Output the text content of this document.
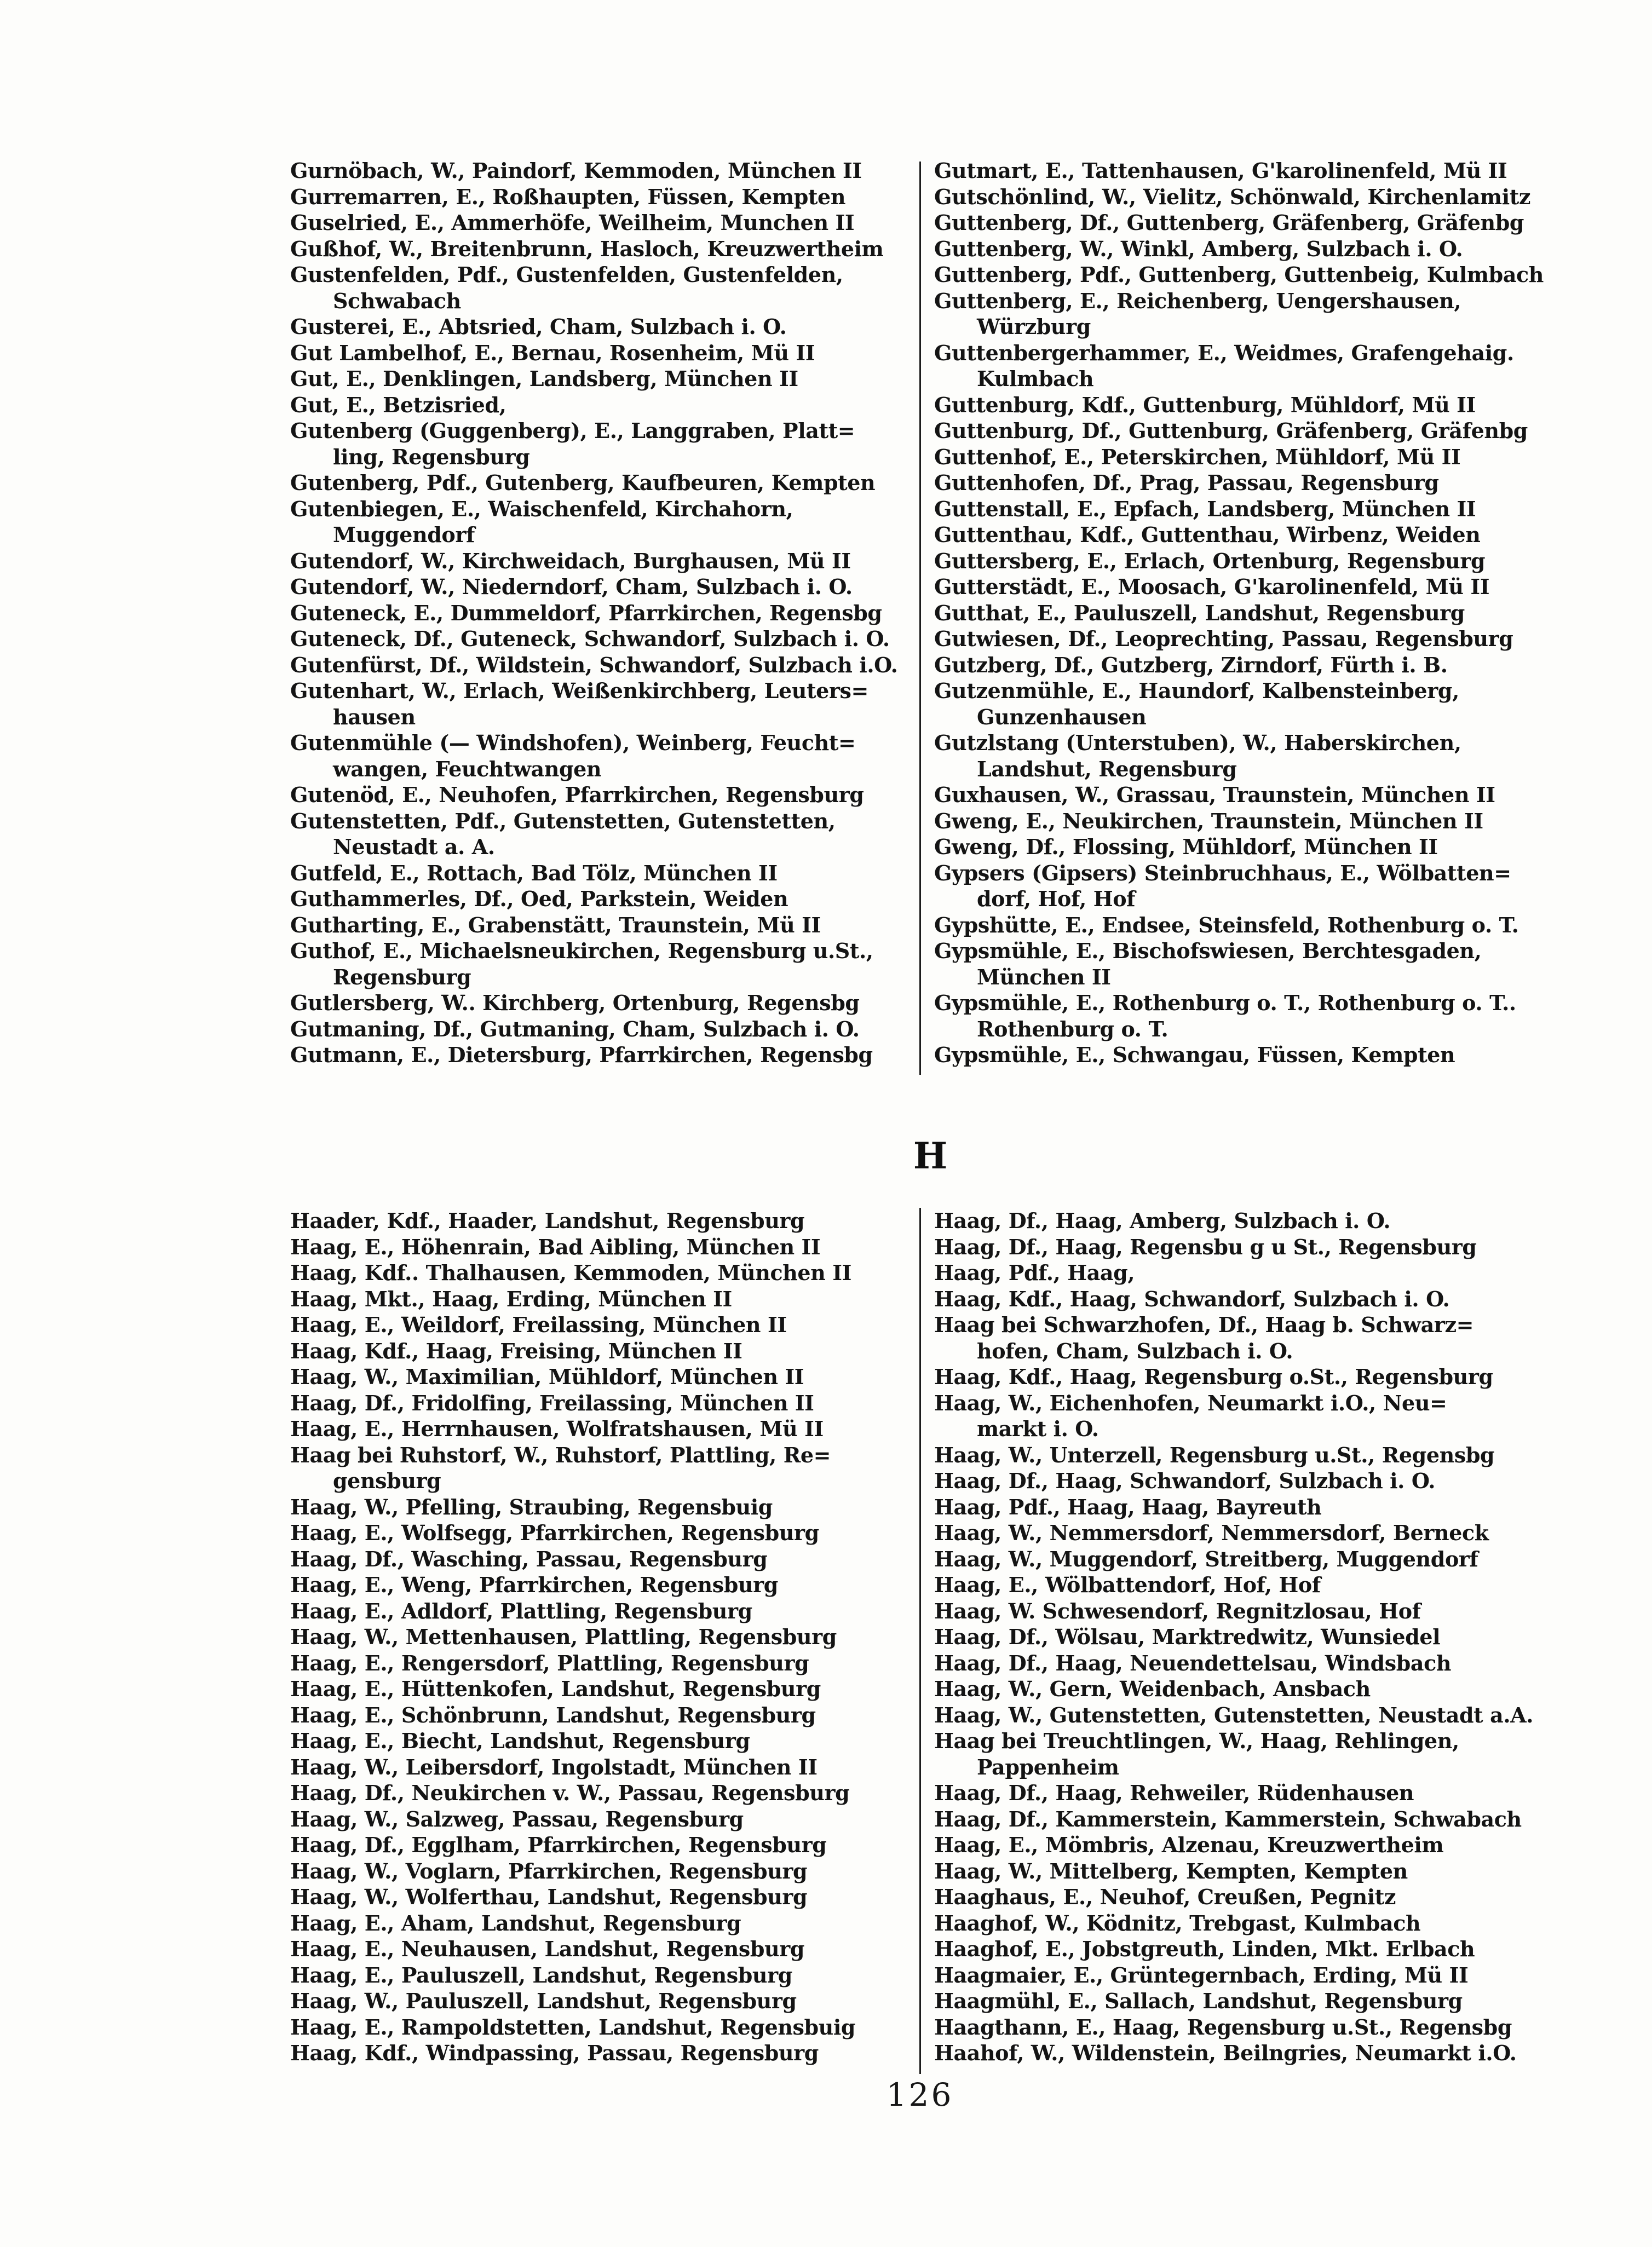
Gurnöbach, W., Paindorf, Kemmoden, München II
Gurremarren, E., Roßhaupten, Füssen, Kempten
Guselried, E., Ammerhöfe, Weilheim, Munchen II
Gußhof, W., Breitenbrunn, Hasloch, Kreuzwertheim
Gustenfelden, Pdf., Gustenfelden, Gustenfelden,
Schwabach
Gusterei, E., Abtsried, Cham, Sulzbach i. O.
Gut Lambelhof, E., Bernau, Rosenheim, Mü II
Gut, E., Denklingen, Landsberg, München II
Gut, E., Betzisried,
Gutenberg (Guggenberg), E., Langgraben, Platt=
ling, Regensburg
Gutenberg, Pdf., Gutenberg, Kaufbeuren, Kempten
Gutenbiegen, E., Waischenfeld, Kirchahorn,
Muggendorf
Gutendorf, W., Kirchweidach, Burghausen, Mü II
Gutendorf, W., Niederndorf, Cham, Sulzbach i. O.
Guteneck, E., Dummeldorf, Pfarrkirchen, Regensbg
Guteneck, Df., Guteneck, Schwandorf, Sulzbach i. O.
Gutenfürst, Df., Wildstein, Schwandorf, Sulzbach i.O.
Gutenhart, W., Erlach, Weißenkirchberg, Leuters=
hausen
Gutenmühle (— Windshofen), Weinberg, Feucht=
wangen, Feuchtwangen
Gutenöd, E., Neuhofen, Pfarrkirchen, Regensburg
Gutenstetten, Pdf., Gutenstetten, Gutenstetten,
Neustadt a. A.
Gutfeld, E., Rottach, Bad Tölz, München II
Guthammerles, Df., Oed, Parkstein, Weiden
Gutharting, E., Grabenstätt, Traunstein, Mü II
Guthof, E., Michaelsneukirchen, Regensburg u.St.,
Regensburg
Gutlersberg, W.. Kirchberg, Ortenburg, Regensbg
Gutmaning, Df., Gutmaning, Cham, Sulzbach i. O.
Gutmann, E., Dietersburg, Pfarrkirchen, Regensbg
Gutmart, E., Tattenhausen, G'karolinenfeld, Mü II
Gutschönlind, W., Vielitz, Schönwald, Kirchenlamitz
Guttenberg, Df., Guttenberg, Gräfenberg, Gräfenbg
Guttenberg, W., Winkl, Amberg, Sulzbach i. O.
Guttenberg, Pdf., Guttenberg, Guttenbeig, Kulmbach
Guttenberg, E., Reichenberg, Uengershausen,
Würzburg
Guttenbergerhammer, E., Weidmes, Grafengehaig.
Kulmbach
Guttenburg, Kdf., Guttenburg, Mühldorf, Mü II
Guttenburg, Df., Guttenburg, Gräfenberg, Gräfenbg
Guttenhof, E., Peterskirchen, Mühldorf, Mü II
Guttenhofen, Df., Prag, Passau, Regensburg
Guttenstall, E., Epfach, Landsberg, München II
Guttenthau, Kdf., Guttenthau, Wirbenz, Weiden
Guttersberg, E., Erlach, Ortenburg, Regensburg
Gutterstädt, E., Moosach, G'karolinenfeld, Mü II
Gutthat, E., Pauluszell, Landshut, Regensburg
Gutwiesen, Df., Leoprechting, Passau, Regensburg
Gutzberg, Df., Gutzberg, Zirndorf, Fürth i. B.
Gutzenmühle, E., Haundorf, Kalbensteinberg,
Gunzenhausen
Gutzlstang (Unterstuben), W., Haberskirchen,
Landshut, Regensburg
Guxhausen, W., Grassau, Traunstein, München II
Gweng, E., Neukirchen, Traunstein, München II
Gweng, Df., Flossing, Mühldorf, München II
Gypsers (Gipsers) Steinbruchhaus, E., Wölbatten=
dorf, Hof, Hof
Gypshütte, E., Endsee, Steinsfeld, Rothenburg o. T.
Gypsmühle, E., Bischofswiesen, Berchtesgaden,
München II
Gypsmühle, E., Rothenburg o. T., Rothenburg o. T..
Rothenburg o. T.
Gypsmühle, E., Schwangau, Füssen, Kempten
H
Haader, Kdf., Haader, Landshut, Regensburg
Haag, E., Höhenrain, Bad Aibling, München II
Haag, Kdf.. Thalhausen, Kemmoden, München II
Haag, Mkt., Haag, Erding, München II
Haag, E., Weildorf, Freilassing, München II
Haag, Kdf., Haag, Freising, München II
Haag, W., Maximilian, Mühldorf, München II
Haag, Df., Fridolfing, Freilassing, München II
Haag, E., Herrnhausen, Wolfratshausen, Mü II
Haag bei Ruhstorf, W., Ruhstorf, Plattling, Re=
gensburg
Haag, W., Pfelling, Straubing, Regensbuig
Haag, E., Wolfsegg, Pfarrkirchen, Regensburg
Haag, Df., Wasching, Passau, Regensburg
Haag, E., Weng, Pfarrkirchen, Regensburg
Haag, E., Adldorf, Plattling, Regensburg
Haag, W., Mettenhausen, Plattling, Regensburg
Haag, E., Rengersdorf, Plattling, Regensburg
Haag, E., Hüttenkofen, Landshut, Regensburg
Haag, E., Schönbrunn, Landshut, Regensburg
Haag, E., Biecht, Landshut, Regensburg
Haag, W., Leibersdorf, Ingolstadt, München II
Haag, Df., Neukirchen v. W., Passau, Regensburg
Haag, W., Salzweg, Passau, Regensburg
Haag, Df., Egglham, Pfarrkirchen, Regensburg
Haag, W., Voglarn, Pfarrkirchen, Regensburg
Haag, W., Wolferthau, Landshut, Regensburg
Haag, E., Aham, Landshut, Regensburg
Haag, E., Neuhausen, Landshut, Regensburg
Haag, E., Pauluszell, Landshut, Regensburg
Haag, W., Pauluszell, Landshut, Regensburg
Haag, E., Rampoldstetten, Landshut, Regensbuig
Haag, Kdf., Windpassing, Passau, Regensburg
Haag, Df., Haag, Amberg, Sulzbach i. O.
Haag, Df., Haag, Regensbu g u St., Regensburg
Haag, Pdf., Haag,
Haag, Kdf., Haag, Schwandorf, Sulzbach i. O.
Haag bei Schwarzhofen, Df., Haag b. Schwarz=
hofen, Cham, Sulzbach i. O.
Haag, Kdf., Haag, Regensburg o.St., Regensburg
Haag, W., Eichenhofen, Neumarkt i.O., Neu=
markt i. O.
Haag, W., Unterzell, Regensburg u.St., Regensbg
Haag, Df., Haag, Schwandorf, Sulzbach i. O.
Haag, Pdf., Haag, Haag, Bayreuth
Haag, W., Nemmersdorf, Nemmersdorf, Berneck
Haag, W., Muggendorf, Streitberg, Muggendorf
Haag, E., Wölbattendorf, Hof, Hof
Haag, W. Schwesendorf, Regnitzlosau, Hof
Haag, Df., Wölsau, Marktredwitz, Wunsiedel
Haag, Df., Haag, Neuendettelsau, Windsbach
Haag, W., Gern, Weidenbach, Ansbach
Haag, W., Gutenstetten, Gutenstetten, Neustadt a.A.
Haag bei Treuchtlingen, W., Haag, Rehlingen,
Pappenheim
Haag, Df., Haag, Rehweiler, Rüdenhausen
Haag, Df., Kammerstein, Kammerstein, Schwabach
Haag, E., Mömbris, Alzenau, Kreuzwertheim
Haag, W., Mittelberg, Kempten, Kempten
Haaghaus, E., Neuhof, Creußen, Pegnitz
Haaghof, W., Ködnitz, Trebgast, Kulmbach
Haaghof, E., Jobstgreuth, Linden, Mkt. Erlbach
Haagmaier, E., Grüntegernbach, Erding, Mü II
Haagmühl, E., Sallach, Landshut, Regensburg
Haagthann, E., Haag, Regensburg u.St., Regensbg
Haahof, W., Wildenstein, Beilngries, Neumarkt i.O.
126
